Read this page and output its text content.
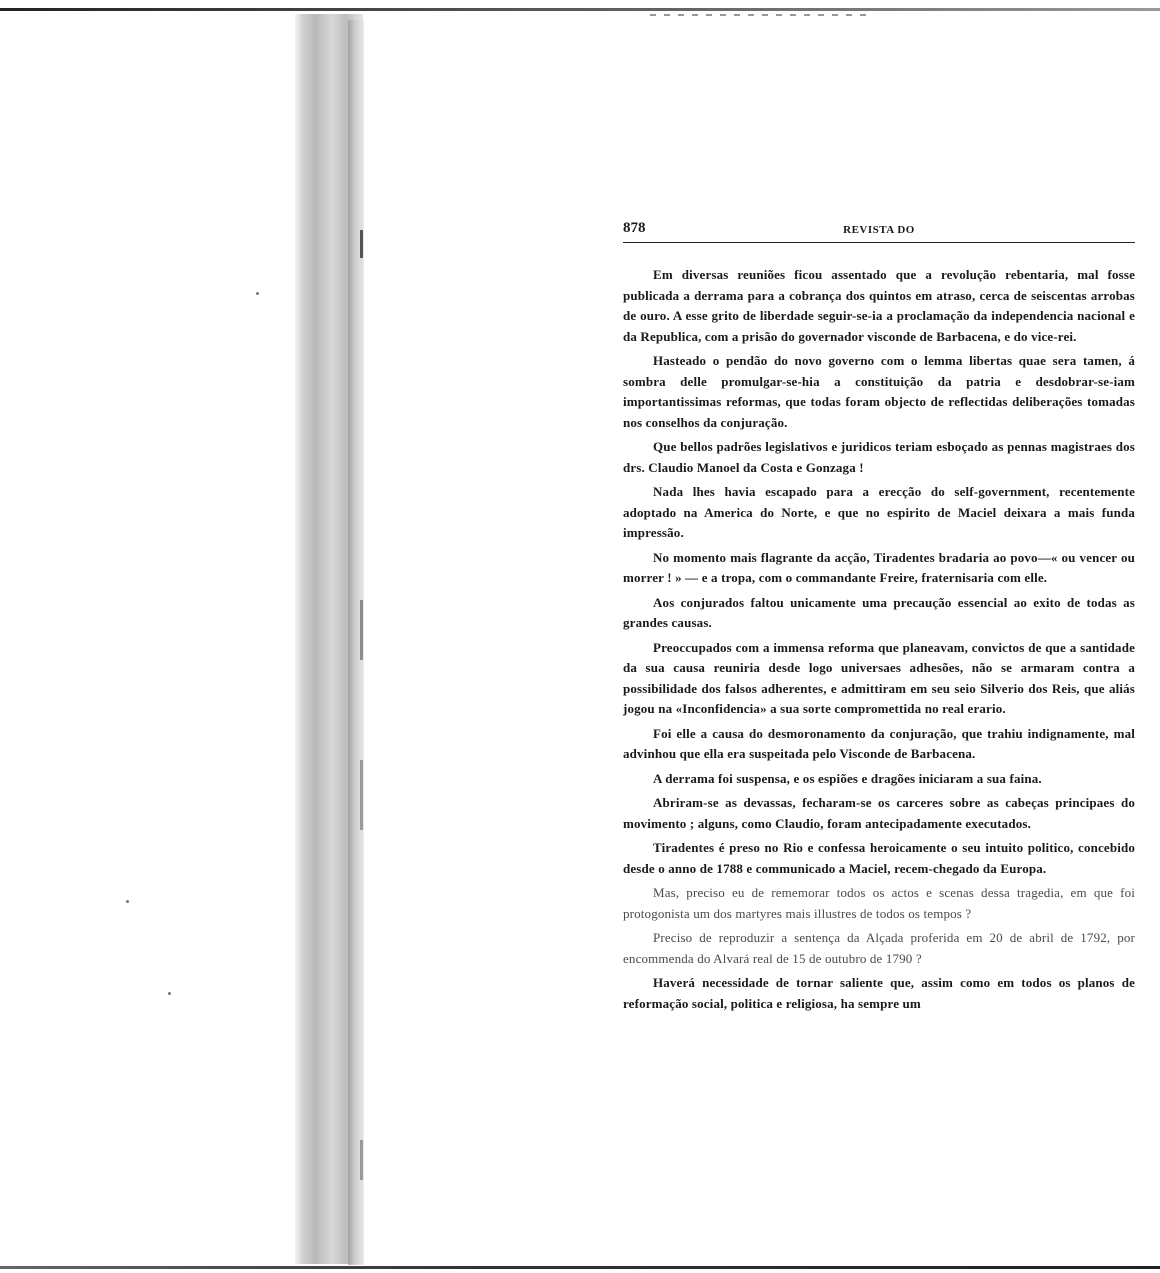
878	REVISTA DO

Em diversas reuniões ficou assentado que a revolução rebentaria, mal fosse publicada a derrama para a cobrança dos quintos em atraso, cerca de seiscentas arrobas de ouro. A esse grito de liberdade seguir-se-ia a proclamação da independencia nacional e da Republica, com a prisão do governador visconde de Barbacena, e do vice-rei.

Hasteado o pendão do novo governo com o lemma libertas quae sera tamen, á sombra delle promulgar-se-hia a constituição da patria e desdobrar-se-iam importantissimas reformas, que todas foram objecto de reflectidas deliberações tomadas nos conselhos da conjuração.

Que bellos padrões legislativos e juridicos teriam esboçado as pennas magistraes dos drs. Claudio Manoel da Costa e Gonzaga !

Nada lhes havia escapado para a erecção do self-government, recentemente adoptado na America do Norte, e que no espirito de Maciel deixara a mais funda impressão.

No momento mais flagrante da acção, Tiradentes bradaria ao povo—« ou vencer ou morrer ! » — e a tropa, com o commandante Freire, fraternisaria com elle.

Aos conjurados faltou unicamente uma precaução essencial ao exito de todas as grandes causas.

Preoccupados com a immensa reforma que planeavam, convictos de que a santidade da sua causa reuniria desde logo universaes adhesões, não se armaram contra a possibilidade dos falsos adherentes, e admittiram em seu seio Silverio dos Reis, que aliás jogou na «Inconfidencia» a sua sorte compromettida no real erario.

Foi elle a causa do desmoronamento da conjuração, que trahiu indignamente, mal advinhou que ella era suspeitada pelo Visconde de Barbacena.

A derrama foi suspensa, e os espiões e dragões iniciaram a sua faina.

Abriram-se as devassas, fecharam-se os carceres sobre as cabeças principaes do movimento ; alguns, como Claudio, foram antecipadamente executados.

Tiradentes é preso no Rio e confessa heroicamente o seu intuito politico, concebido desde o anno de 1788 e communicado a Maciel, recem-chegado da Europa.

Mas, preciso eu de rememorar todos os actos e scenas dessa tragedia, em que foi protogonista um dos martyres mais illustres de todos os tempos ?

Preciso de reproduzir a sentença da Alçada proferida em 20 de abril de 1792, por encommenda do Alvará real de 15 de outubro de 1790 ?

Haverá necessidade de tornar saliente que, assim como em todos os planos de reformação social, politica e religiosa, ha sempre um
